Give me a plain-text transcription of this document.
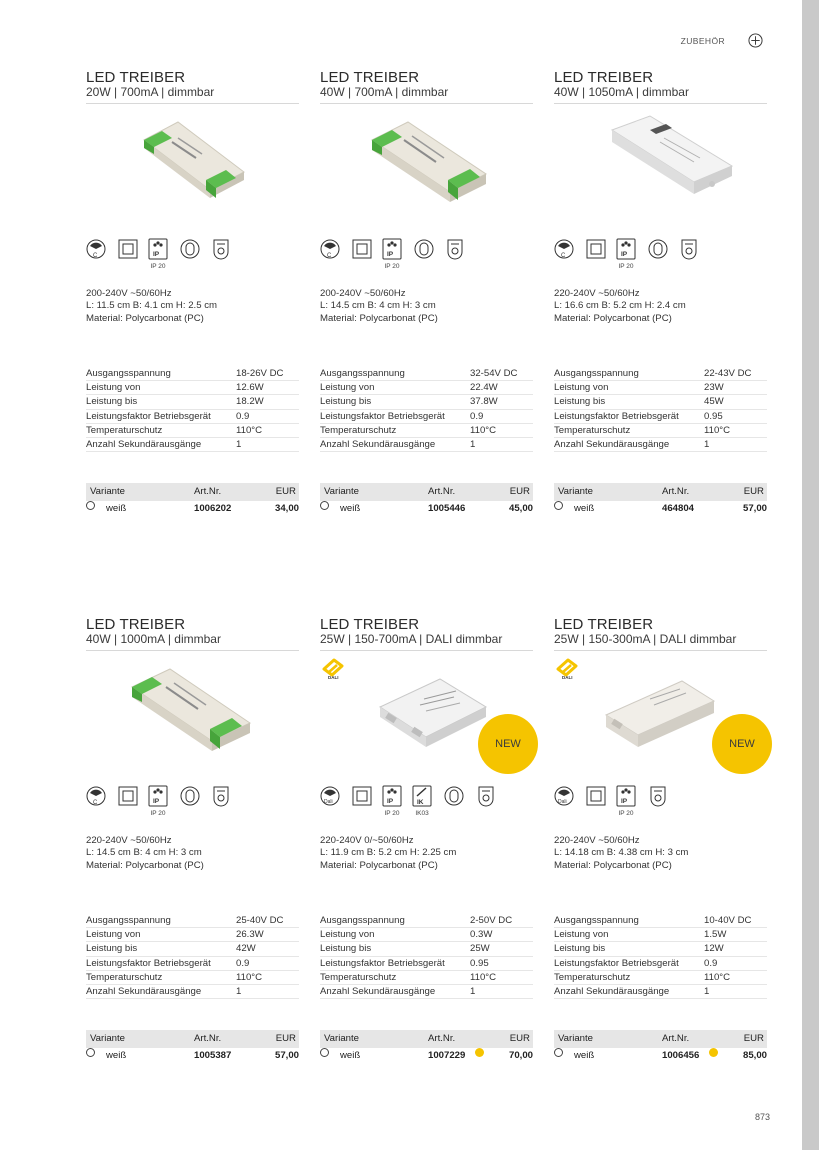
ZUBEHÖR
LED TREIBER
20W | 700mA | dimmbar
C	IP
IP 20
200-240V ~50/60Hz
L: 11.5 cm B: 4.1 cm H: 2.5 cm
Material: Polycarbonat (PC)
Ausgangsspannung	18-26V DC
Leistung von	12.6W
Leistung bis	18.2W
Leistungsfaktor Betriebsgerät	0.9
Temperaturschutz	110°C
Anzahl Sekundärausgänge	1
Variante	Art.Nr.	EUR
weiß	1006202	34,00
LED TREIBER
40W | 700mA | dimmbar
C	IP
IP 20
200-240V ~50/60Hz
L: 14.5 cm B: 4 cm H: 3 cm
Material: Polycarbonat (PC)
Ausgangsspannung	32-54V DC
Leistung von	22.4W
Leistung bis	37.8W
Leistungsfaktor Betriebsgerät	0.9
Temperaturschutz	110°C
Anzahl Sekundärausgänge	1
Variante	Art.Nr.	EUR
weiß	1005446	45,00
LED TREIBER
40W | 1050mA | dimmbar
C	IP
IP 20
220-240V ~50/60Hz
L: 16.6 cm B: 5.2 cm H: 2.4 cm
Material: Polycarbonat (PC)
Ausgangsspannung	22-43V DC
Leistung von	23W
Leistung bis	45W
Leistungsfaktor Betriebsgerät	0.95
Temperaturschutz	110°C
Anzahl Sekundärausgänge	1
Variante	Art.Nr.	EUR
weiß	464804	57,00
LED TREIBER
40W | 1000mA | dimmbar
C	IP
IP 20
220-240V ~50/60Hz
L: 14.5 cm B: 4 cm H: 3 cm
Material: Polycarbonat (PC)
Ausgangsspannung	25-40V DC
Leistung von	26.3W
Leistung bis	42W
Leistungsfaktor Betriebsgerät	0.9
Temperaturschutz	110°C
Anzahl Sekundärausgänge	1
Variante	Art.Nr.	EUR
weiß	1005387	57,00
LED TREIBER
25W | 150-700mA | DALI dimmbar
DALI
NEW
Dali	IP
IP 20
IK
IK03
220-240V 0/~50/60Hz
L: 11.9 cm B: 5.2 cm H: 2.25 cm
Material: Polycarbonat (PC)
Ausgangsspannung	2-50V DC
Leistung von	0.3W
Leistung bis	25W
Leistungsfaktor Betriebsgerät	0.95
Temperaturschutz	110°C
Anzahl Sekundärausgänge	1
Variante	Art.Nr.	EUR
weiß	1007229	70,00
LED TREIBER
25W | 150-300mA | DALI dimmbar
DALI
NEW
Dali	IP
IP 20
220-240V ~50/60Hz
L: 14.18 cm B: 4.38 cm H: 3 cm
Material: Polycarbonat (PC)
Ausgangsspannung	10-40V DC
Leistung von	1.5W
Leistung bis	12W
Leistungsfaktor Betriebsgerät	0.9
Temperaturschutz	110°C
Anzahl Sekundärausgänge	1
Variante	Art.Nr.	EUR
weiß	1006456	85,00
873
